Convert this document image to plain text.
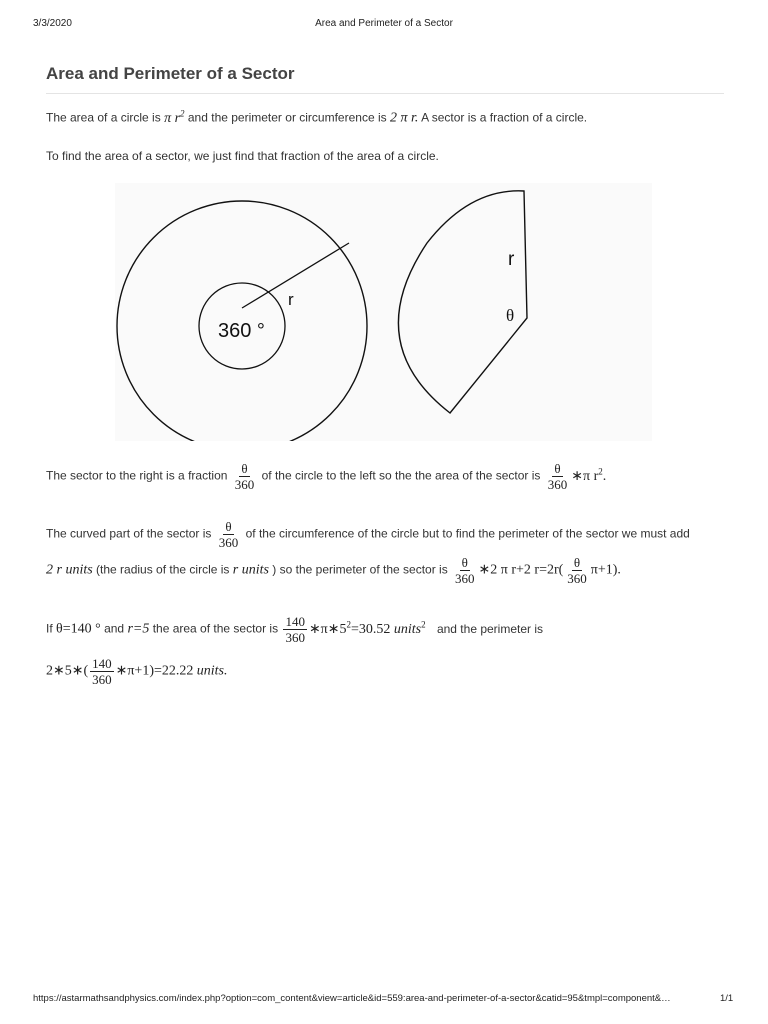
3/3/2020	Area and Perimeter of a Sector
Area and Perimeter of a Sector
The area of a circle is π $r^2$ and the perimeter or circumference is 2 π r. A sector is a fraction of a circle.
To find the area of a sector, we just find that fraction of the area of a circle.
r
360 °
r
θ
The sector to the right is a fraction $\frac{\theta}{360}$ of the circle to the left so the the area of the sector is $\frac{\theta}{360}$ ∗π $r^2$.
The curved part of the sector is $\frac{\theta}{360}$ of the circumference of the circle but to find the perimeter of the sector we must add
2 r units (the radius of the circle is r units ) so the perimeter of the sector is $\frac{\theta}{360}$ ∗2 π r+2 $r=2r( \frac{\theta}{360} \pi+1)$.
If θ=140 ° and r=5 the area of the sector is $\frac{140}{360}$ $∗\pi∗5^2=30.52$ units$^2$ and the perimeter is
2∗5∗( $\frac{140}{360}$ ∗π+1)=22.22 units.
https://astarmathsandphysics.com/index.php?option=com_content&view=article&id=559:area-and-perimeter-of-a-sector&catid=95&tmpl=component&…	1/1
